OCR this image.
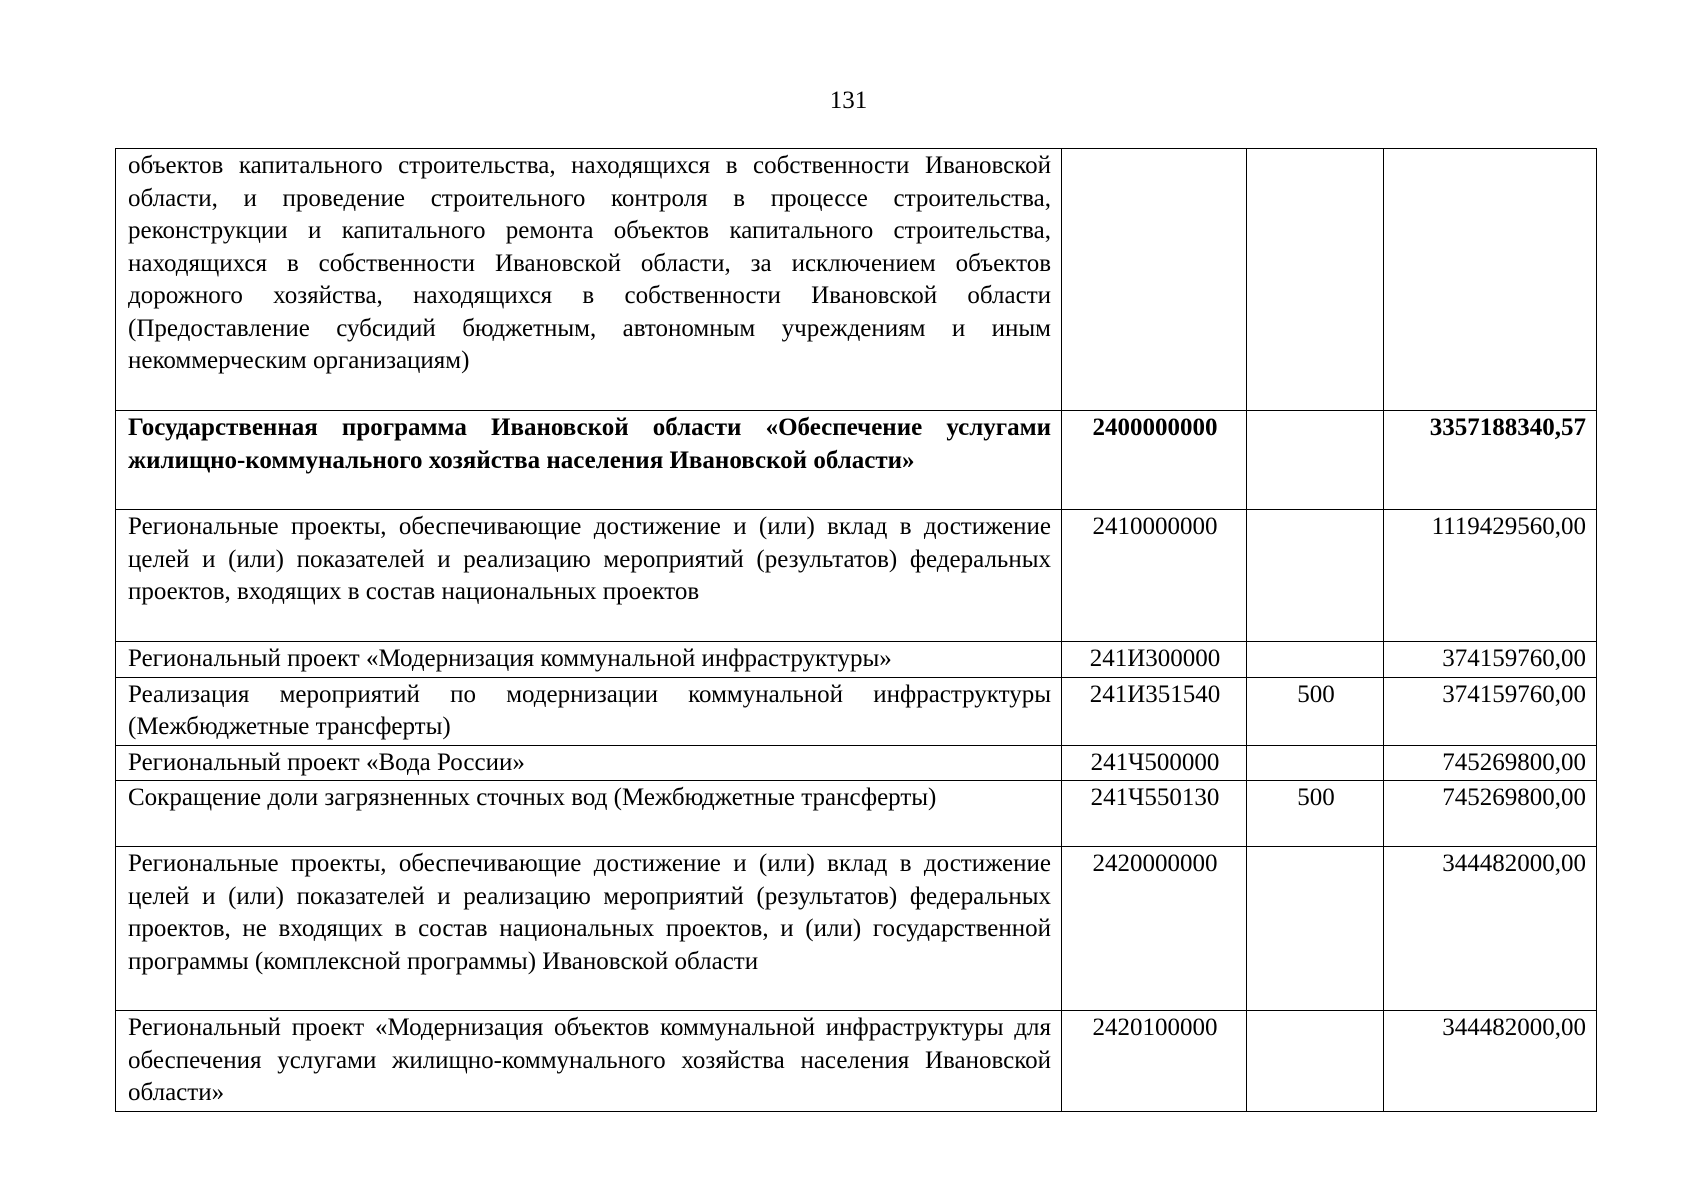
131
объектов капитального строительства, находящихся в собственности Ивановской области, и проведение строительного контроля в процессе строительства, реконструкции и капитального ремонта объектов капитального строительства, находящихся в собственности Ивановской области, за исключением объектов дорожного хозяйства, находящихся в собственности Ивановской области (Предоставление субсидий бюджетным, автономным учреждениям и иным некоммерческим организациям)			
Государственная программа Ивановской области «Обеспечение услугами жилищно-коммунального хозяйства населения Ивановской области»	2400000000		3357188340,57
Региональные проекты, обеспечивающие достижение и (или) вклад в достижение целей и (или) показателей и реализацию мероприятий (результатов) федеральных проектов, входящих в состав национальных проектов	2410000000		1119429560,00
Региональный проект «Модернизация коммунальной инфраструктуры»	241И300000		374159760,00
Реализация мероприятий по модернизации коммунальной инфраструктуры (Межбюджетные трансферты)	241И351540	500	374159760,00
Региональный проект «Вода России»	241Ч500000		745269800,00
Сокращение доли загрязненных сточных вод (Межбюджетные трансферты)	241Ч550130	500	745269800,00
Региональные проекты, обеспечивающие достижение и (или) вклад в достижение целей и (или) показателей и реализацию мероприятий (результатов) федеральных проектов, не входящих в состав национальных проектов, и (или) государственной программы (комплексной программы) Ивановской области	2420000000		344482000,00
Региональный проект «Модернизация объектов коммунальной инфраструктуры для обеспечения услугами жилищно-коммунального хозяйства населения Ивановской области»	2420100000		344482000,00
